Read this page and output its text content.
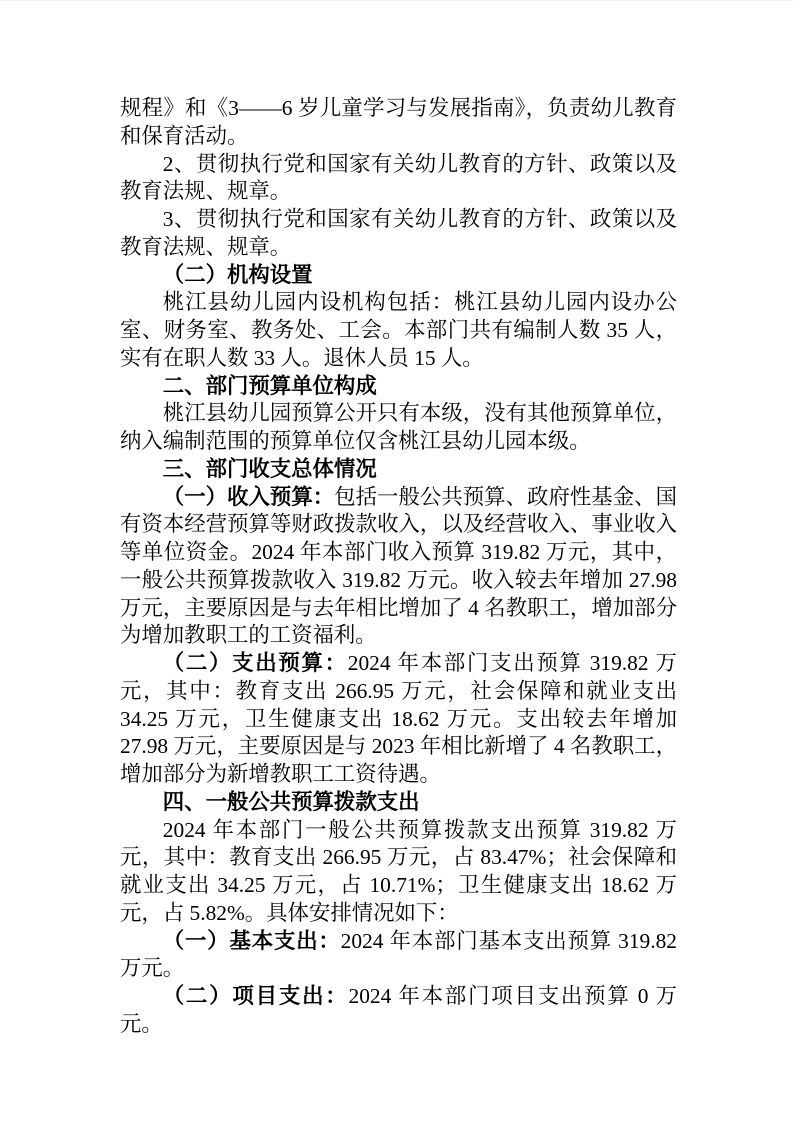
规程》和《3——6 岁儿童学习与发展指南》，负责幼儿教育和保育活动。

2、贯彻执行党和国家有关幼儿教育的方针、政策以及教育法规、规章。

3、贯彻执行党和国家有关幼儿教育的方针、政策以及教育法规、规章。

（二）机构设置

桃江县幼儿园内设机构包括：桃江县幼儿园内设办公室、财务室、教务处、工会。本部门共有编制人数 35 人，实有在职人数 33 人。退休人员 15 人。

二、部门预算单位构成

桃江县幼儿园预算公开只有本级，没有其他预算单位，纳入编制范围的预算单位仅含桃江县幼儿园本级。

三、部门收支总体情况

（一）收入预算：包括一般公共预算、政府性基金、国有资本经营预算等财政拨款收入，以及经营收入、事业收入等单位资金。2024 年本部门收入预算 319.82 万元，其中，一般公共预算拨款收入 319.82 万元。收入较去年增加 27.98 万元，主要原因是与去年相比增加了 4 名教职工，增加部分为增加教职工的工资福利。

（二）支出预算：2024 年本部门支出预算 319.82 万元，其中：教育支出 266.95 万元，社会保障和就业支出 34.25 万元，卫生健康支出 18.62 万元。支出较去年增加 27.98 万元，主要原因是与 2023 年相比新增了 4 名教职工，增加部分为新增教职工工资待遇。

四、一般公共预算拨款支出

2024 年本部门一般公共预算拨款支出预算 319.82 万元，其中：教育支出 266.95 万元，占 83.47%；社会保障和就业支出 34.25 万元，占 10.71%；卫生健康支出 18.62 万元，占 5.82%。具体安排情况如下：

（一）基本支出：2024 年本部门基本支出预算 319.82 万元。

（二）项目支出：2024 年本部门项目支出预算 0 万元。
